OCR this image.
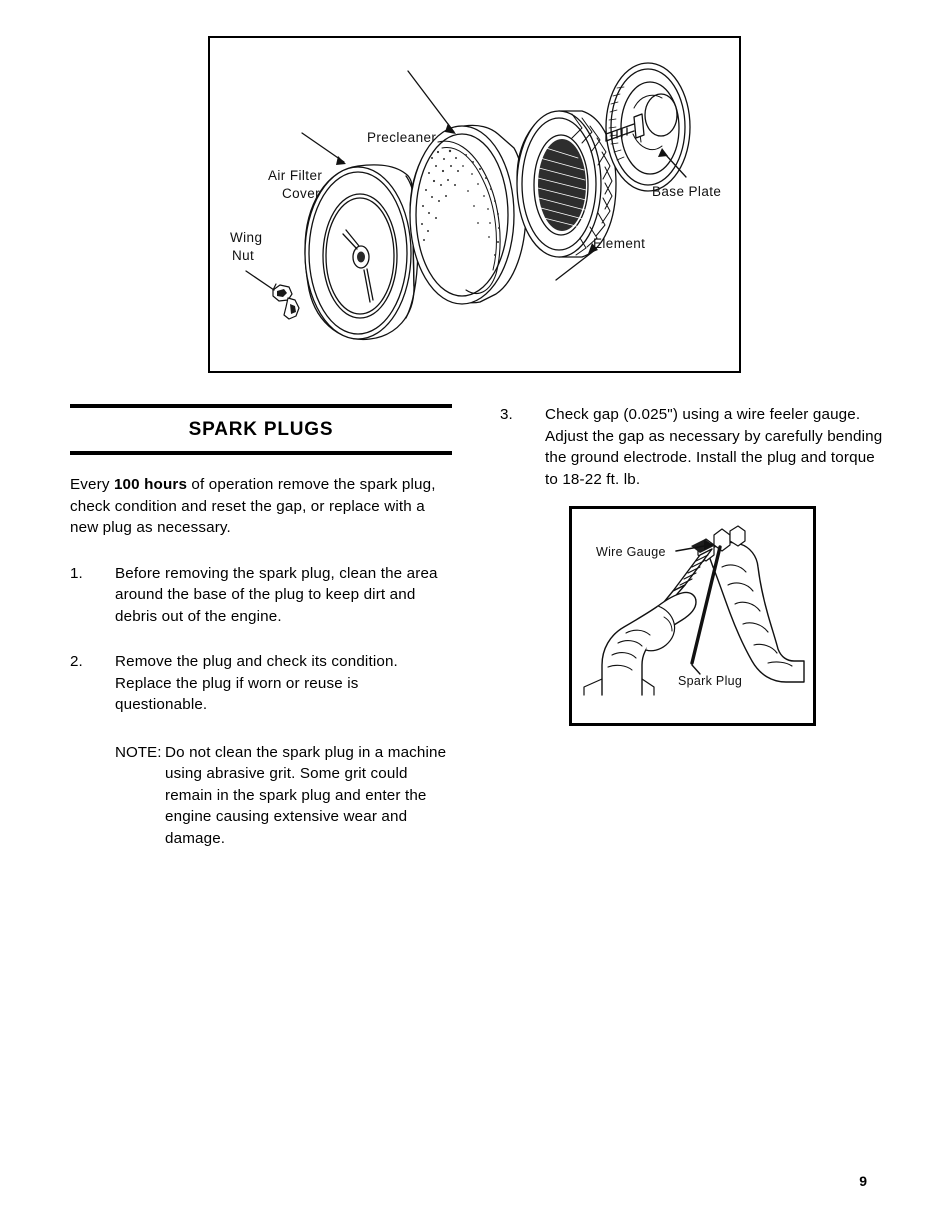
Wing
Nut
Air Filter
Cover
Precleaner
Element
Base Plate
SPARK PLUGS

Every 100 hours of operation remove the spark plug, check condition and reset the gap, or replace with a new plug as necessary.

1.	Before removing the spark plug, clean the area around the base of the plug to keep dirt and debris out of the engine.
2.	Remove the plug and check its condition. Replace the plug if worn or reuse is questionable.
NOTE: Do not clean the spark plug in a machine using abrasive grit. Some grit could remain in the spark plug and enter the engine causing extensive wear and damage.
3.	Check gap (0.025") using a wire feeler gauge. Adjust the gap as necessary by carefully bending the ground electrode. Install the plug and torque to 18-22 ft. lb.
Wire Gauge
Spark Plug
9
